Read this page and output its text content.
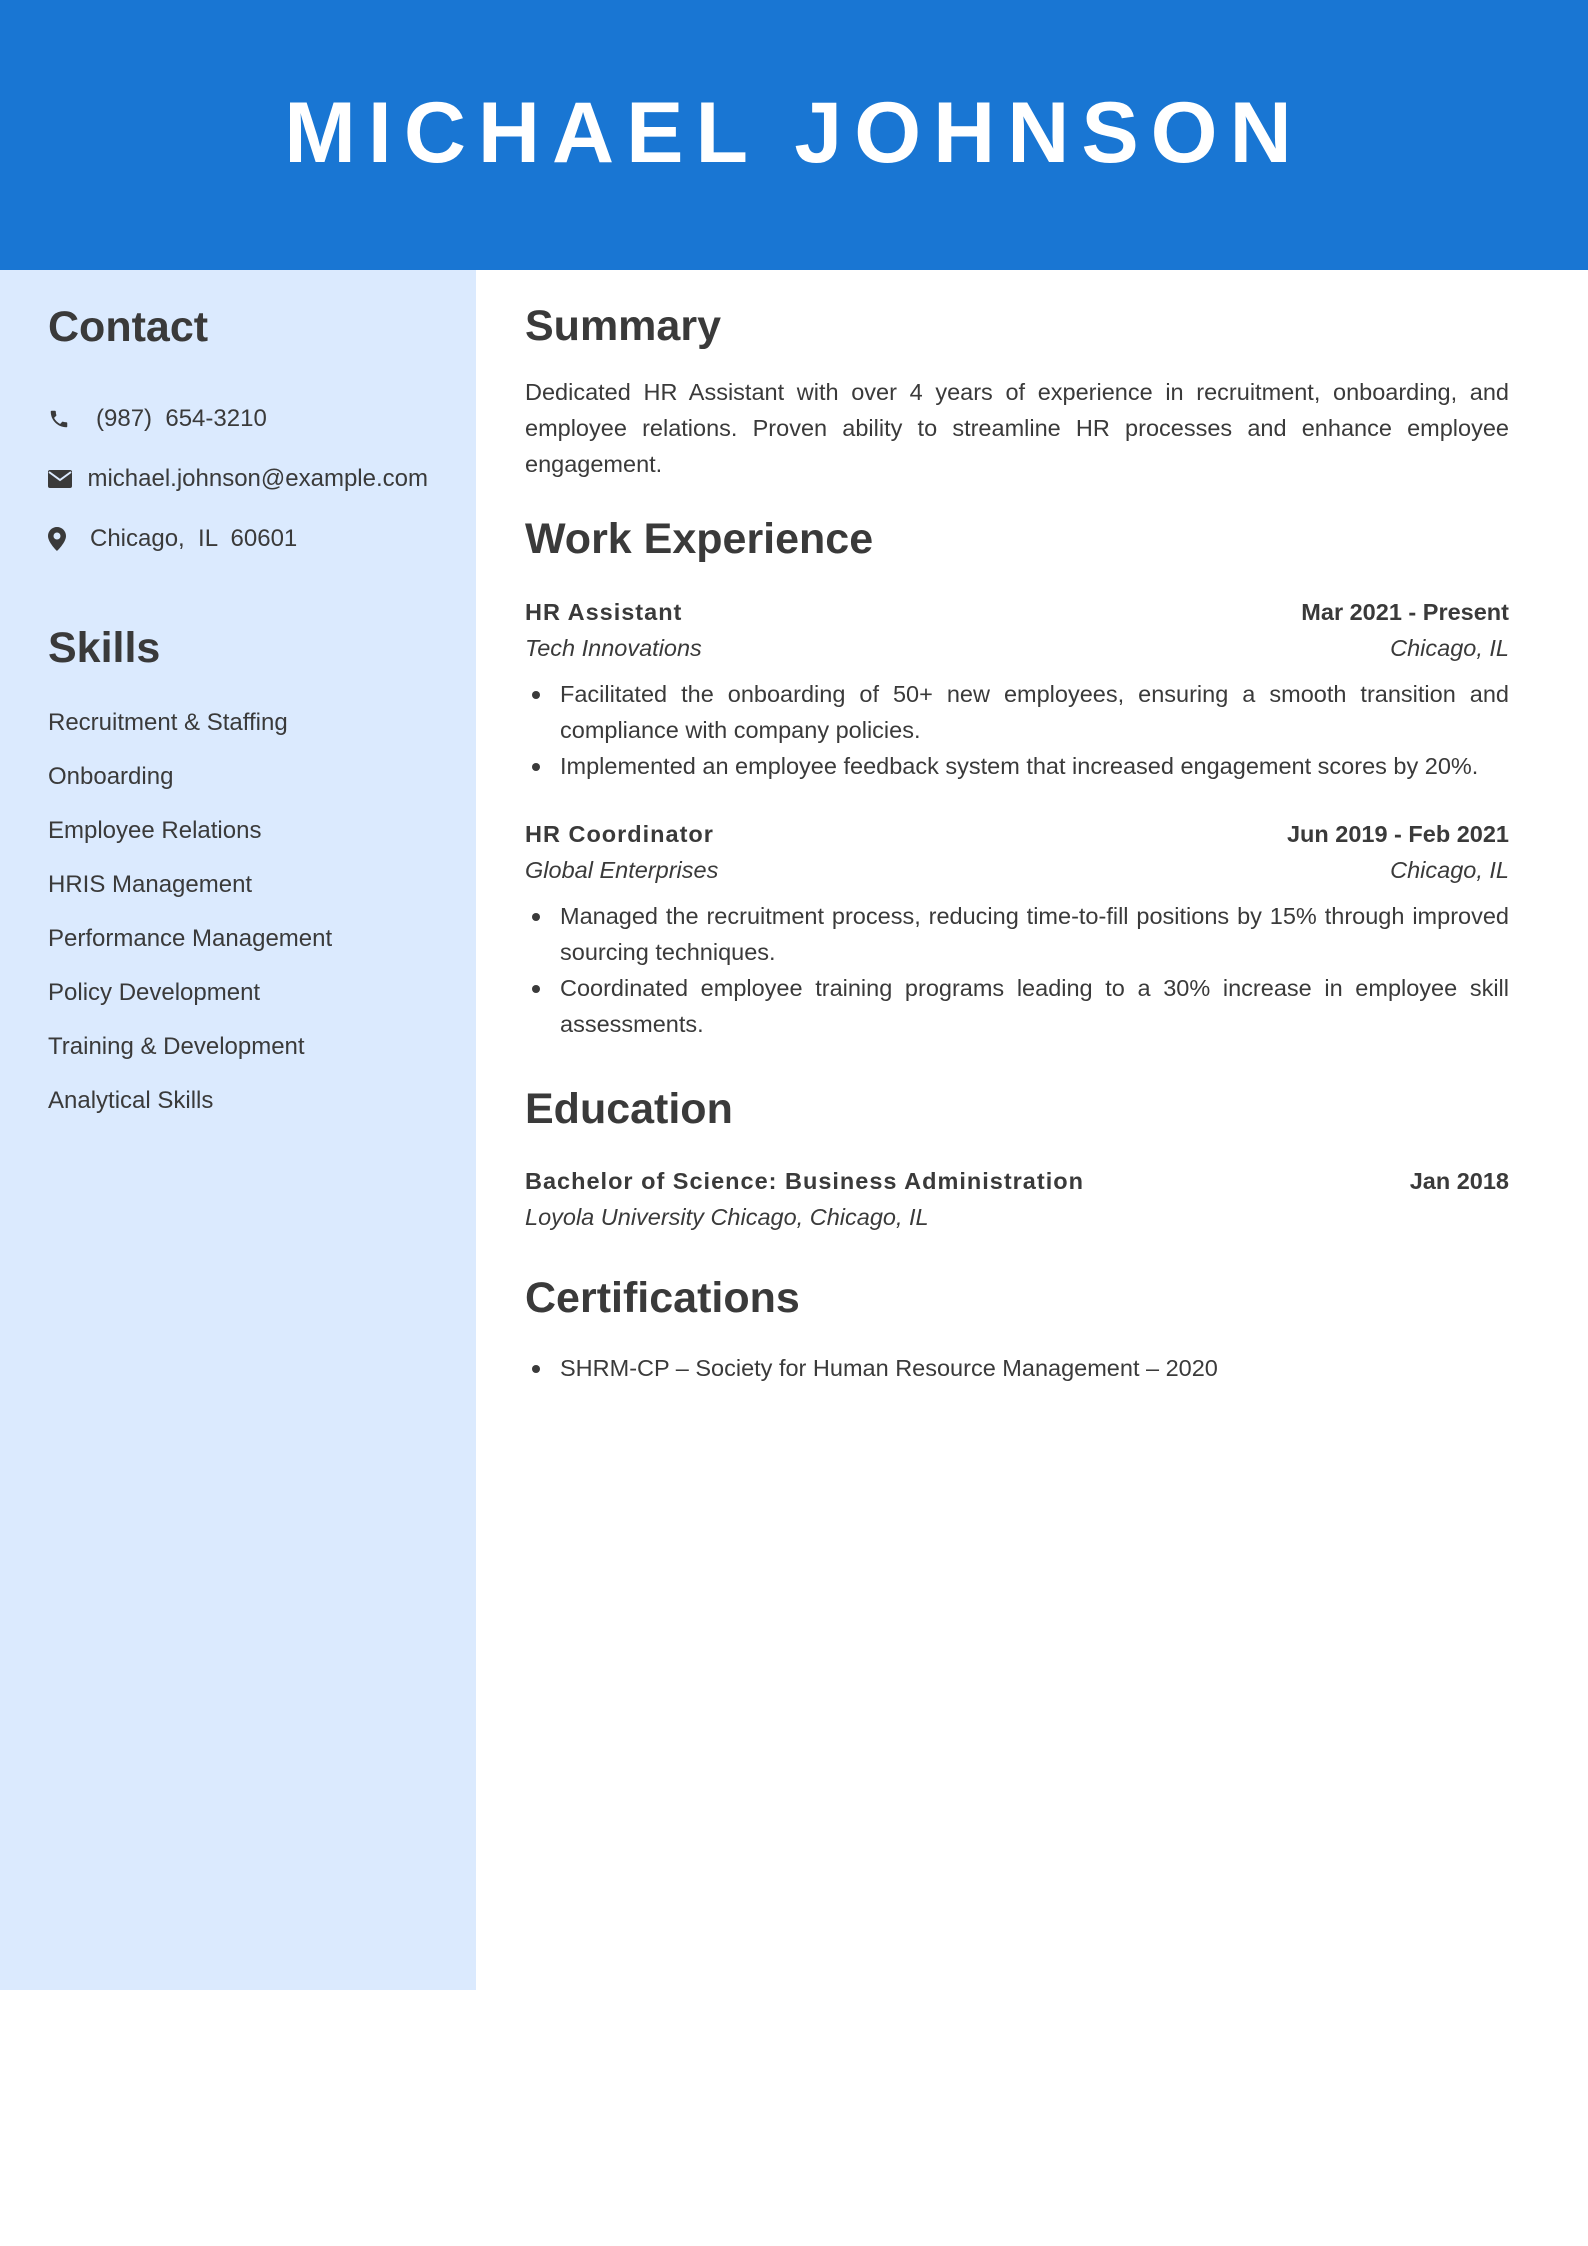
MICHAEL JOHNSON
Contact
(987)  654-3210
michael.johnson@example.com
Chicago,  IL  60601
Skills
Recruitment & Staffing
Onboarding
Employee Relations
HRIS Management
Performance Management
Policy Development
Training & Development
Analytical Skills
Summary

Dedicated HR Assistant with over 4 years of experience in recruitment, onboarding, and employee relations. Proven ability to streamline HR processes and enhance employee engagement.

Work Experience
HR Assistant	Mar 2021 - Present
Tech Innovations	Chicago, IL
Facilitated the onboarding of 50+ new employees, ensuring a smooth transition and compliance with company policies.
Implemented an employee feedback system that increased engagement scores by 20%.
HR Coordinator	Jun 2019 - Feb 2021
Global Enterprises	Chicago, IL
Managed the recruitment process, reducing time-to-fill positions by 15% through improved sourcing techniques.
Coordinated employee training programs leading to a 30% increase in employee skill assessments.
Education
Bachelor of Science: Business Administration	Jan 2018
Loyola University Chicago, Chicago, IL
Certifications
SHRM-CP – Society for Human Resource Management – 2020
